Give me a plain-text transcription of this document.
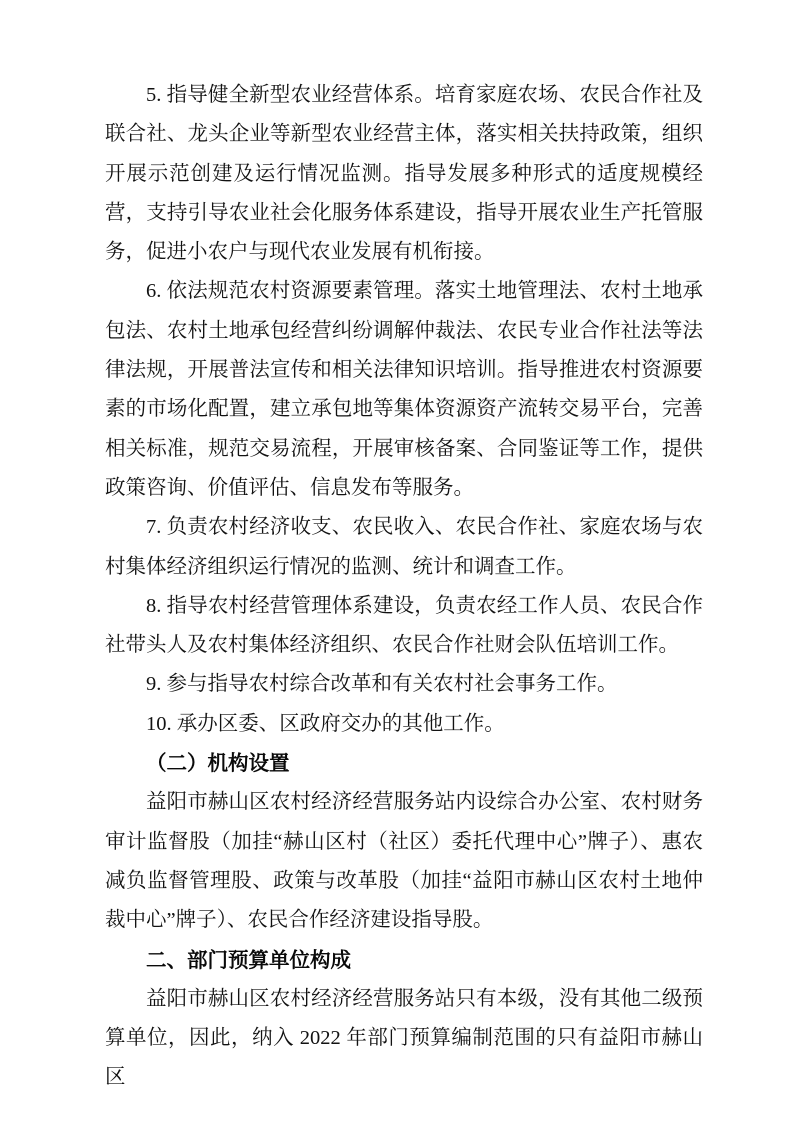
5. 指导健全新型农业经营体系。培育家庭农场、农民合作社及联合社、龙头企业等新型农业经营主体，落实相关扶持政策，组织开展示范创建及运行情况监测。指导发展多种形式的适度规模经营，支持引导农业社会化服务体系建设，指导开展农业生产托管服务，促进小农户与现代农业发展有机衔接。

6. 依法规范农村资源要素管理。落实土地管理法、农村土地承包法、农村土地承包经营纠纷调解仲裁法、农民专业合作社法等法律法规，开展普法宣传和相关法律知识培训。指导推进农村资源要素的市场化配置，建立承包地等集体资源资产流转交易平台，完善相关标准，规范交易流程，开展审核备案、合同鉴证等工作，提供政策咨询、价值评估、信息发布等服务。

7. 负责农村经济收支、农民收入、农民合作社、家庭农场与农村集体经济组织运行情况的监测、统计和调查工作。

8. 指导农村经营管理体系建设，负责农经工作人员、农民合作社带头人及农村集体经济组织、农民合作社财会队伍培训工作。

9. 参与指导农村综合改革和有关农村社会事务工作。

10. 承办区委、区政府交办的其他工作。

（二）机构设置

益阳市赫山区农村经济经营服务站内设综合办公室、农村财务审计监督股（加挂“赫山区村（社区）委托代理中心”牌子）、惠农减负监督管理股、政策与改革股（加挂“益阳市赫山区农村土地仲裁中心”牌子）、农民合作经济建设指导股。

二、部门预算单位构成

益阳市赫山区农村经济经营服务站只有本级，没有其他二级预算单位，因此，纳入 2022 年部门预算编制范围的只有益阳市赫山区
